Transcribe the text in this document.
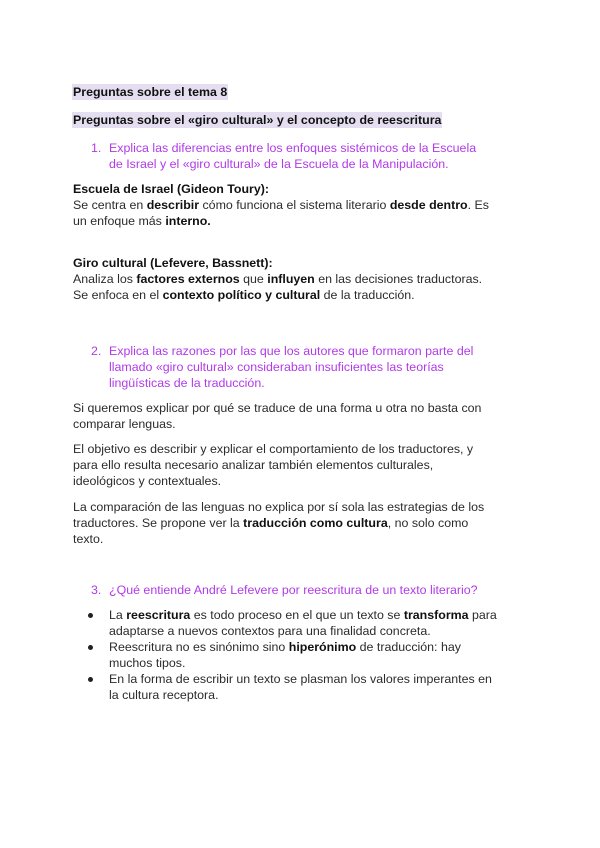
Preguntas sobre el tema 8
Preguntas sobre el «giro cultural» y el concepto de reescritura
1. Explica las diferencias entre los enfoques sistémicos de la Escuela
de Israel y el «giro cultural» de la Escuela de la Manipulación.
Escuela de Israel (Gideon Toury):
Se centra en describir cómo funciona el sistema literario desde dentro. Es
un enfoque más interno.
Giro cultural (Lefevere, Bassnett):
Analiza los factores externos que influyen en las decisiones traductoras.
Se enfoca en el contexto político y cultural de la traducción.
2. Explica las razones por las que los autores que formaron parte del
llamado «giro cultural» consideraban insuficientes las teorías
lingüísticas de la traducción.
Si queremos explicar por qué se traduce de una forma u otra no basta con
comparar lenguas.
El objetivo es describir y explicar el comportamiento de los traductores, y
para ello resulta necesario analizar también elementos culturales,
ideológicos y contextuales.
La comparación de las lenguas no explica por sí sola las estrategias de los
traductores. Se propone ver la traducción como cultura, no solo como
texto.
3. ¿Qué entiende André Lefevere por reescritura de un texto literario?
La reescritura es todo proceso en el que un texto se transforma para
adaptarse a nuevos contextos para una finalidad concreta.
Reescritura no es sinónimo sino hiperónimo de traducción: hay
muchos tipos.
En la forma de escribir un texto se plasman los valores imperantes en
la cultura receptora.
